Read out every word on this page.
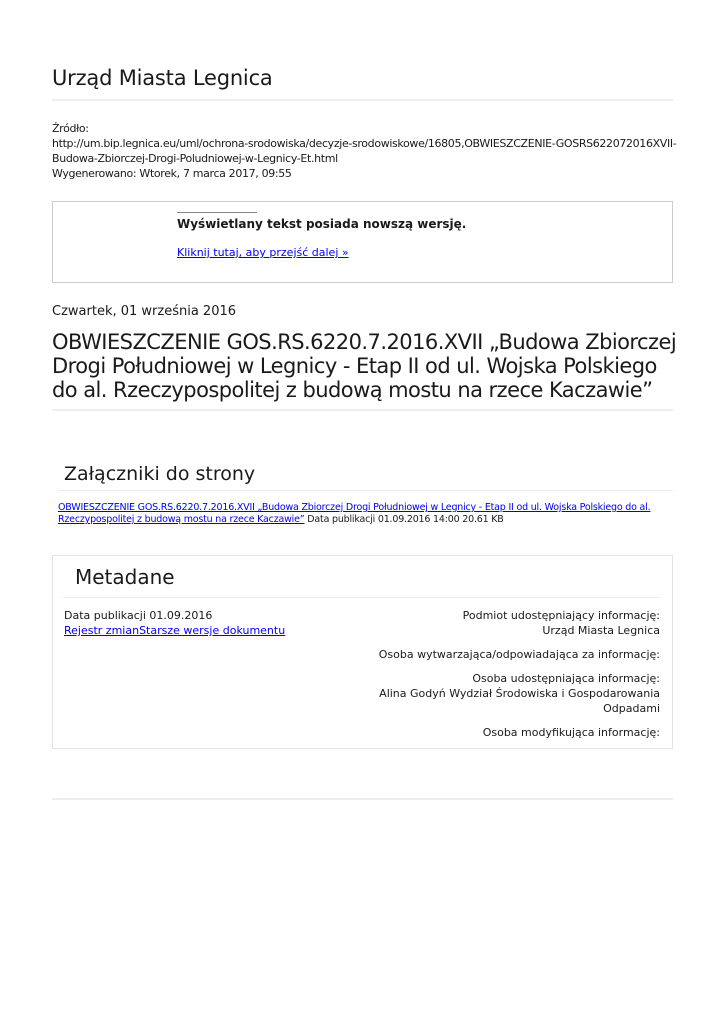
Urząd Miasta Legnica
Źródło:
http://um.bip.legnica.eu/uml/ochrona-srodowiska/decyzje-srodowiskowe/16805,OBWIESZCZENIE-GOSRS622072016XVII-Budowa-Zbiorczej-Drogi-Poludniowej-w-Legnicy-Et.html
Wygenerowano: Wtorek, 7 marca 2017, 09:55
Wyświetlany tekst posiada nowszą wersję.
Kliknij tutaj, aby przejść dalej »
Czwartek, 01 września 2016
OBWIESZCZENIE GOS.RS.6220.7.2016.XVII „Budowa Zbiorczej Drogi Południowej w Legnicy - Etap II od ul. Wojska Polskiego do al. Rzeczypospolitej z budową mostu na rzece Kaczawie”
Załączniki do strony
OBWIESZCZENIE GOS.RS.6220.7.2016.XVII „Budowa Zbiorczej Drogi Południowej w Legnicy - Etap II od ul. Wojska Polskiego do al. Rzeczypospolitej z budową mostu na rzece Kaczawie” Data publikacji 01.09.2016 14:00 20.61 KB
Metadane
Data publikacji 01.09.2016
Rejestr zmianStarsze wersje dokumentu
Podmiot udostępniający informację:
Urząd Miasta Legnica
Osoba wytwarzająca/odpowiadająca za informację:
Osoba udostępniająca informację:
Alina Godyń Wydział Środowiska i Gospodarowania Odpadami
Osoba modyfikująca informację:
